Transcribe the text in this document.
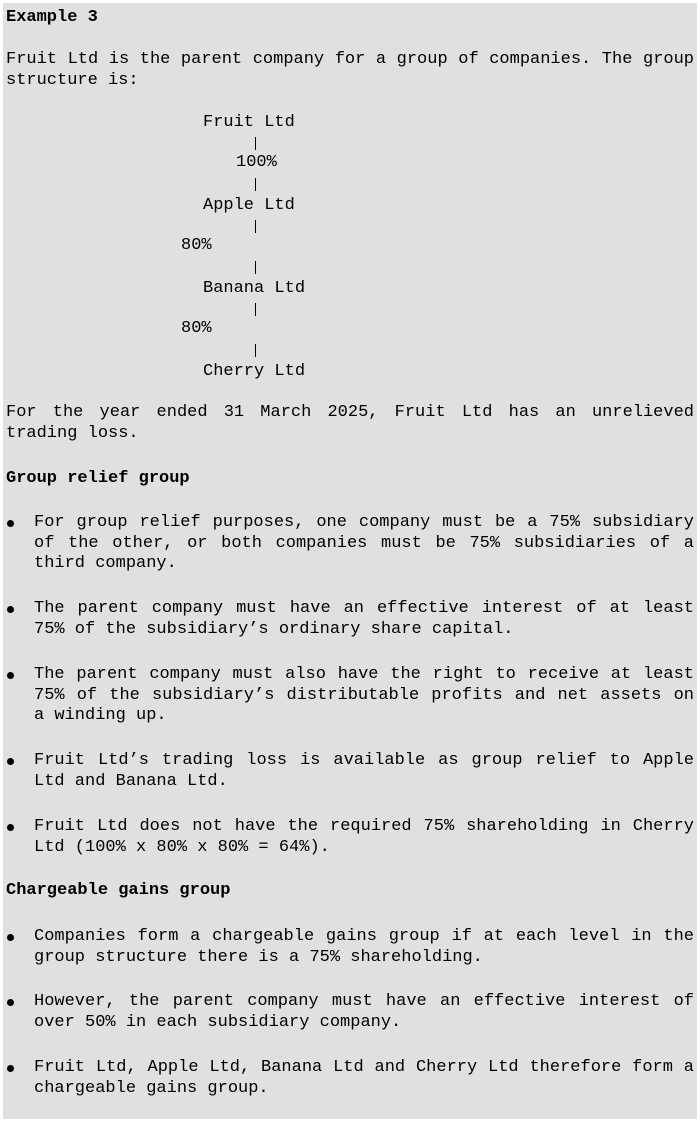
Example 3

Fruit Ltd is the parent company for a group of companies. The group structure is:

Fruit Ltd

100%

Apple Ltd

80%

Banana Ltd

80%

Cherry Ltd

For the year ended 31 March 2025, Fruit Ltd has an unrelieved trading loss.

Group relief group

For group relief purposes, one company must be a 75% subsidiary of the other, or both companies must be 75% subsidiaries of a third company.

The parent company must have an effective interest of at least 75% of the subsidiary’s ordinary share capital.

The parent company must also have the right to receive at least 75% of the subsidiary’s distributable profits and net assets on a winding up.

Fruit Ltd’s trading loss is available as group relief to Apple Ltd and Banana Ltd.

Fruit Ltd does not have the required 75% shareholding in Cherry Ltd (100% x 80% x 80% = 64%).

Chargeable gains group

Companies form a chargeable gains group if at each level in the group structure there is a 75% shareholding.

However, the parent company must have an effective interest of over 50% in each subsidiary company.

Fruit Ltd, Apple Ltd, Banana Ltd and Cherry Ltd therefore form a chargeable gains group.
